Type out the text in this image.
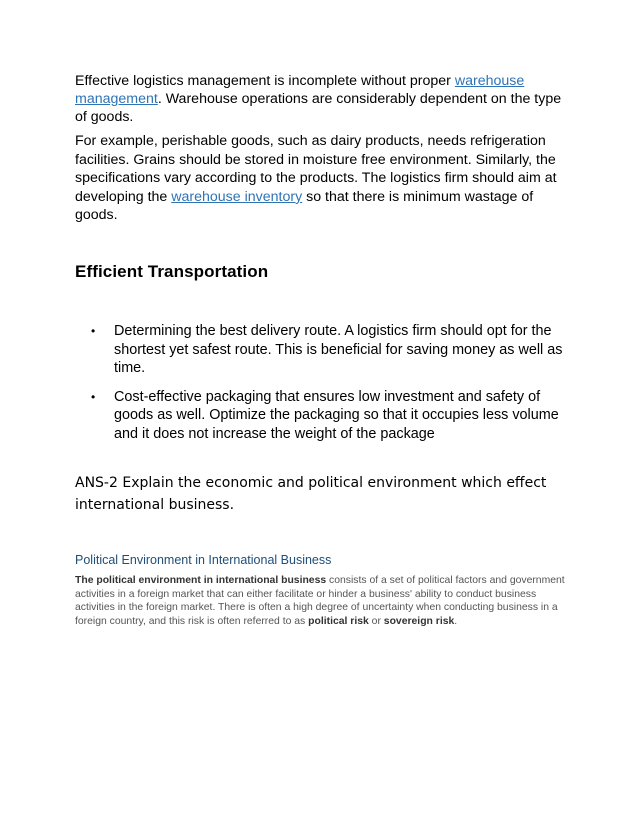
Effective logistics management is incomplete without proper warehouse management. Warehouse operations are considerably dependent on the type of goods.

For example, perishable goods, such as dairy products, needs refrigeration facilities. Grains should be stored in moisture free environment. Similarly, the specifications vary according to the products. The logistics firm should aim at developing the warehouse inventory so that there is minimum wastage of goods.

Efficient Transportation
• Determining the best delivery route. A logistics firm should opt for the shortest yet safest route. This is beneficial for saving money as well as time.
• Cost-effective packaging that ensures low investment and safety of goods as well. Optimize the packaging so that it occupies less volume and it does not increase the weight of the package

ANS-2 Explain the economic and political environment which effect international business.

Political Environment in International Business

The political environment in international business consists of a set of political factors and government activities in a foreign market that can either facilitate or hinder a business' ability to conduct business activities in the foreign market. There is often a high degree of uncertainty when conducting business in a foreign country, and this risk is often referred to as political risk or sovereign risk.
